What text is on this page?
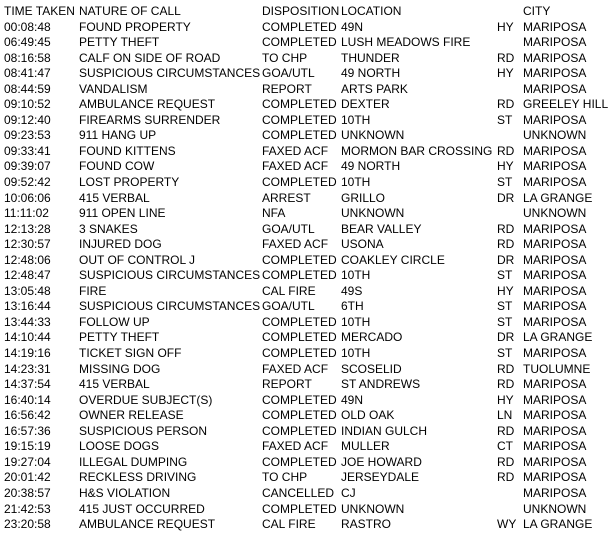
TIME TAKEN NATURE OF CALL	DISPOSITION LOCATION	CITY
00:08:48 FOUND PROPERTY	COMPLETED 49N	HY MARIPOSA
06:49:45 PETTY THEFT	COMPLETED LUSH MEADOWS FIRE	MARIPOSA
08:16:58 CALF ON SIDE OF ROAD	TO CHP	THUNDER	RD MARIPOSA
08:41:47 SUSPICIOUS CIRCUMSTANCES GOA/UTL 49 NORTH	HY MARIPOSA
08:44:59 VANDALISM	REPORT ARTS PARK	MARIPOSA
09:10:52 AMBULANCE REQUEST	COMPLETED DEXTER	RD GREELEY HILL
09:12:40 FIREARMS SURRENDER	COMPLETED 10TH	ST MARIPOSA
09:23:53 911 HANG UP	COMPLETED UNKNOWN	UNKNOWN
09:33:41 FOUND KITTENS	FAXED ACF MORMON BAR CROSSING RD MARIPOSA
09:39:07 FOUND COW	FAXED ACF 49 NORTH	HY MARIPOSA
09:52:42 LOST PROPERTY	COMPLETED 10TH	ST MARIPOSA
10:06:06 415 VERBAL	ARREST	GRILLO	DR LA GRANGE
11:11:02	911 OPEN LINE	NFA	UNKNOWN	UNKNOWN
12:13:28 3 SNAKES	GOA/UTL BEAR VALLEY	RD MARIPOSA
12:30:57 INJURED DOG	FAXED ACF USONA	RD MARIPOSA
12:48:06 OUT OF CONTROL J	COMPLETED COAKLEY CIRCLE	DR MARIPOSA
12:48:47 SUSPICIOUS CIRCUMSTANCES COMPLETED 10TH	ST MARIPOSA
13:05:48 FIRE	CAL FIRE 49S	HY MARIPOSA
13:16:44 SUSPICIOUS CIRCUMSTANCES GOA/UTL 6TH	ST MARIPOSA
13:44:33 FOLLOW UP	COMPLETED 10TH	ST MARIPOSA
14:10:44 PETTY THEFT	COMPLETED MERCADO	DR LA GRANGE
14:19:16 TICKET SIGN OFF	COMPLETED 10TH	ST MARIPOSA
14:23:31 MISSING DOG	FAXED ACF SCOSELID	RD TUOLUMNE
14:37:54 415 VERBAL	REPORT ST ANDREWS	RD MARIPOSA
16:40:14 OVERDUE SUBJECT(S)	COMPLETED 49N	HY MARIPOSA
16:56:42 OWNER RELEASE	COMPLETED OLD OAK	LN MARIPOSA
16:57:36 SUSPICIOUS PERSON	COMPLETED INDIAN GULCH	RD MARIPOSA
19:15:19 LOOSE DOGS	FAXED ACF MULLER	CT MARIPOSA
19:27:04 ILLEGAL DUMPING	COMPLETED JOE HOWARD	RD MARIPOSA
20:01:42 RECKLESS DRIVING	TO CHP	JERSEYDALE	RD MARIPOSA
20:38:57 H&S VIOLATION	CANCELLED CJ	MARIPOSA
21:42:53 415 JUST OCCURRED	COMPLETED UNKNOWN	UNKNOWN
23:20:58 AMBULANCE REQUEST	CAL FIRE RASTRO	WY LA GRANGE
